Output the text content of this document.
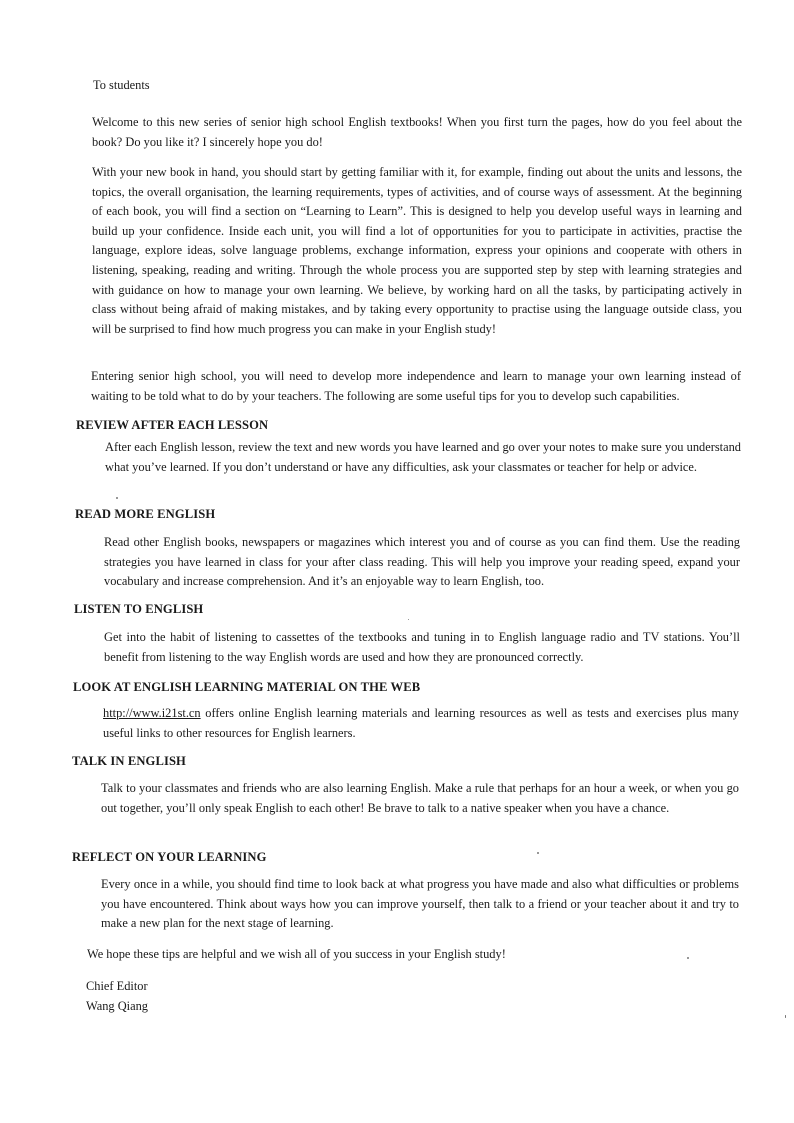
To students

Welcome to this new series of senior high school English textbooks! When you first turn the pages, how do you feel about the book? Do you like it? I sincerely hope you do!

With your new book in hand, you should start by getting familiar with it, for example, finding out about the units and lessons, the topics, the overall organisation, the learning requirements, types of activities, and of course ways of assessment. At the beginning of each book, you will find a section on “Learning to Learn”. This is designed to help you develop useful ways in learning and build up your confidence. Inside each unit, you will find a lot of opportunities for you to participate in activities, practise the language, explore ideas, solve language problems, exchange information, express your opinions and cooperate with others in listening, speaking, reading and writing. Through the whole process you are supported step by step with learning strategies and with guidance on how to manage your own learning. We believe, by working hard on all the tasks, by participating actively in class without being afraid of making mistakes, and by taking every opportunity to practise using the language outside class, you will be surprised to find how much progress you can make in your English study!

Entering senior high school, you will need to develop more independence and learn to manage your own learning instead of waiting to be told what to do by your teachers. The following are some useful tips for you to develop such capabilities.

REVIEW AFTER EACH LESSON

After each English lesson, review the text and new words you have learned and go over your notes to make sure you understand what you’ve learned. If you don’t understand or have any difficulties, ask your classmates or teacher for help or advice.

READ MORE ENGLISH

Read other English books, newspapers or magazines which interest you and of course as you can find them. Use the reading strategies you have learned in class for your after class reading. This will help you improve your reading speed, expand your vocabulary and increase comprehension. And it’s an enjoyable way to learn English, too.

LISTEN TO ENGLISH

Get into the habit of listening to cassettes of the textbooks and tuning in to English language radio and TV stations. You’ll benefit from listening to the way English words are used and how they are pronounced correctly.

LOOK AT ENGLISH LEARNING MATERIAL ON THE WEB

http://www.i21st.cn offers online English learning materials and learning resources as well as tests and exercises plus many useful links to other resources for English learners.

TALK IN ENGLISH

Talk to your classmates and friends who are also learning English. Make a rule that perhaps for an hour a week, or when you go out together, you’ll only speak English to each other! Be brave to talk to a native speaker when you have a chance.

REFLECT ON YOUR LEARNING

Every once in a while, you should find time to look back at what progress you have made and also what difficulties or problems you have encountered. Think about ways how you can improve yourself, then talk to a friend or your teacher about it and try to make a new plan for the next stage of learning.

We hope these tips are helpful and we wish all of you success in your English study!

Chief Editor

Wang Qiang
